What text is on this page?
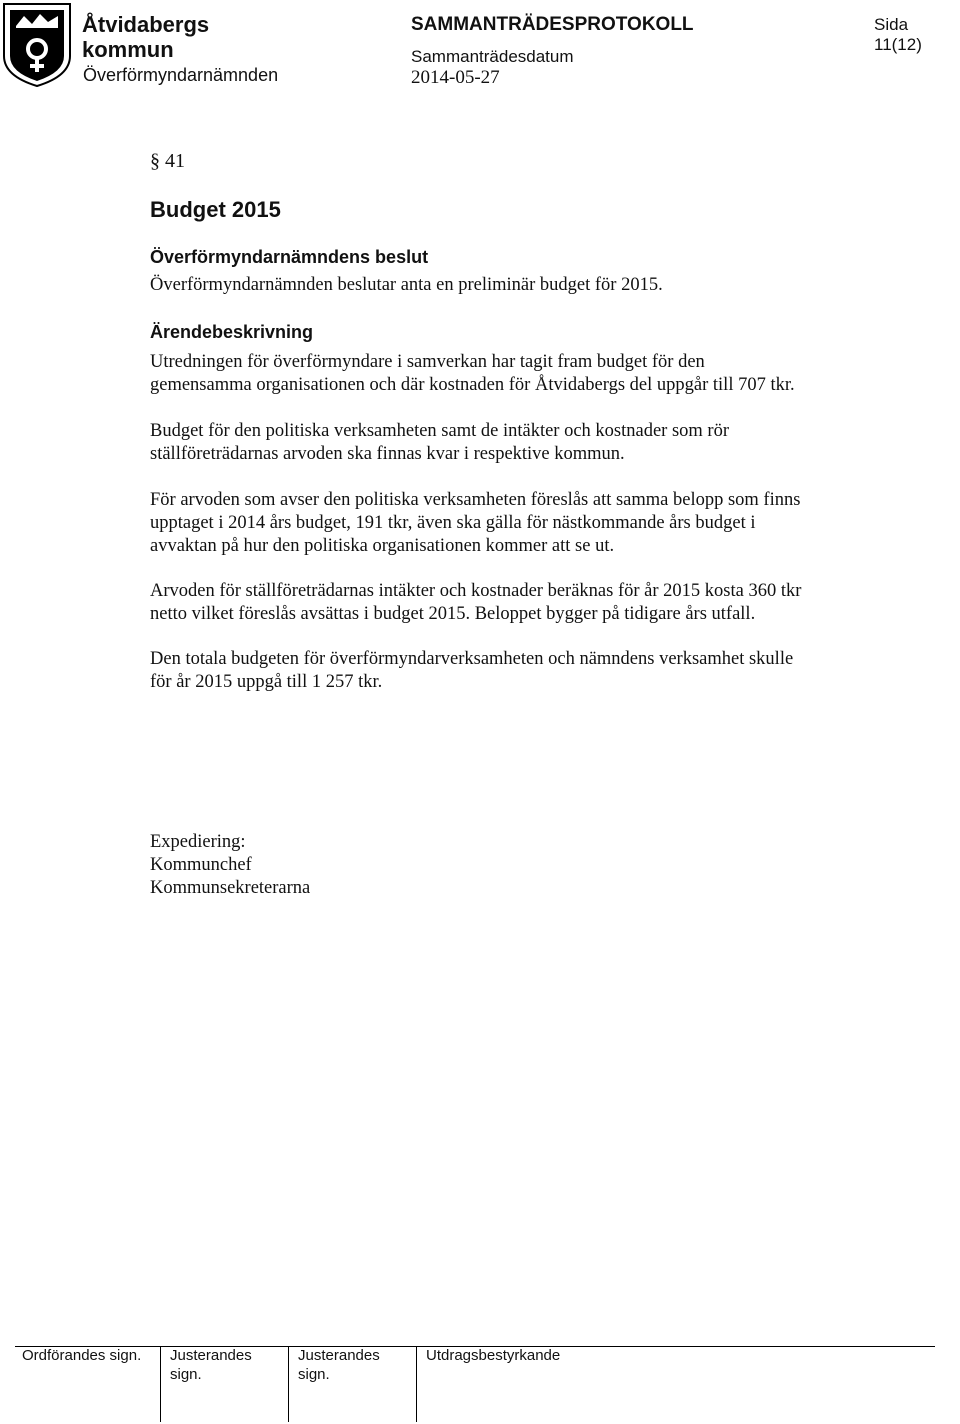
Åtvidabergs
kommun
Överförmyndarnämnden
SAMMANTRÄDESPROTOKOLL
Sammanträdesdatum
2014-05-27
Sida 11(12)
§ 41
Budget 2015
Överförmyndarnämndens beslut
Överförmyndarnämnden beslutar anta en preliminär budget för 2015.
Ärendebeskrivning
Utredningen för överförmyndare i samverkan har tagit fram budget för den
gemensamma organisationen och där kostnaden för Åtvidabergs del uppgår till 707 tkr.
Budget för den politiska verksamheten samt de intäkter och kostnader som rör
ställföreträdarnas arvoden ska finnas kvar i respektive kommun.
För arvoden som avser den politiska verksamheten föreslås att samma belopp som finns
upptaget i 2014 års budget, 191 tkr, även ska gälla för nästkommande års budget i
avvaktan på hur den politiska organisationen kommer att se ut.
Arvoden för ställföreträdarnas intäkter och kostnader beräknas för år 2015 kosta 360 tkr
netto vilket föreslås avsättas i budget 2015. Beloppet bygger på tidigare års utfall.
Den totala budgeten för överförmyndarverksamheten och nämndens verksamhet skulle
för år 2015 uppgå till 1 257 tkr.
Expediering:
Kommunchef
Kommunsekreterarna
Ordförandes sign. Justerandes
sign.
Justerandes
sign.
Utdragsbestyrkande
